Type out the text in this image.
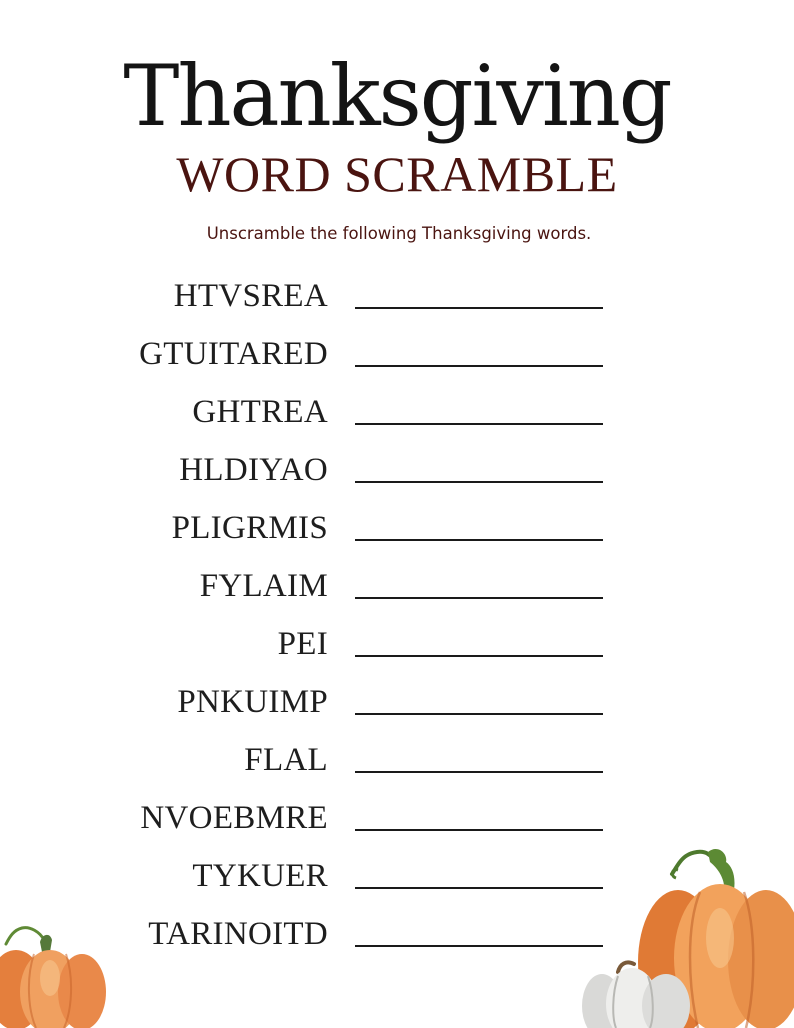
Thanksgiving
WORD SCRAMBLE

Unscramble the following Thanksgiving words.

HTVSREA
GTUITARED
GHTREA
HLDIYAO
PLIGRMIS
FYLAIM
PEI
PNKUIMP
FLAL
NVOEBMRE
TYKUER
TARINOITD
